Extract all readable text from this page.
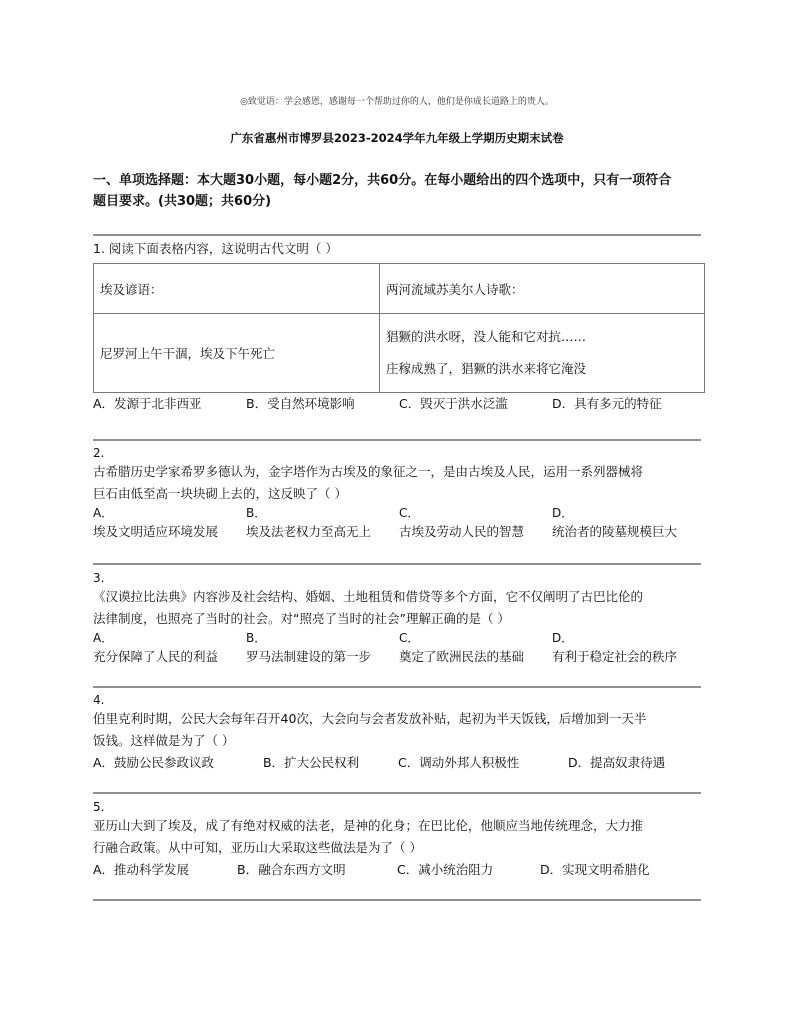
◎致觉语：学会感恩，感谢每一个帮助过你的人，他们是你成长道路上的贵人。
广东省惠州市博罗县2023-2024学年九年级上学期历史期末试卷
一、单项选择题：本大题30小题，每小题2分，共60分。在每小题给出的四个选项中，只有一项符合
题目要求。(共30题；共60分)
1. 阅读下面表格内容，这说明古代文明（ ）
埃及谚语：	两河流域苏美尔人诗歌：
尼罗河上午干涸，埃及下午死亡	猖獗的洪水呀，没人能和它对抗……
庄稼成熟了，猖獗的洪水来将它淹没
A．发源于北非西亚	B．受自然环境影响	C．毁灭于洪水泛滥	D．具有多元的特征
2.
古希腊历史学家希罗多德认为，金字塔作为古埃及的象征之一，是由古埃及人民，运用一系列器械将
巨石由低至高一块块砌上去的，这反映了（ ）
A．
埃及文明适应环境发展
B．
埃及法老权力至高无上
C．
古埃及劳动人民的智慧
D．
统治者的陵墓规模巨大
3.
《汉谟拉比法典》内容涉及社会结构、婚姻、土地租赁和借贷等多个方面，它不仅阐明了古巴比伦的
法律制度，也照亮了当时的社会。对“照亮了当时的社会”理解正确的是（ ）
A．
充分保障了人民的利益
B．
罗马法制建设的第一步
C．
奠定了欧洲民法的基础
D．
有利于稳定社会的秩序
4.
伯里克利时期，公民大会每年召开40次，大会向与会者发放补贴，起初为半天饭钱，后增加到一天半
饭钱。这样做是为了（ ）
A．鼓励公民参政议政	B．扩大公民权利	C．调动外邦人积极性	D．提高奴隶待遇
5.
亚历山大到了埃及，成了有绝对权威的法老，是神的化身；在巴比伦，他顺应当地传统理念，大力推
行融合政策。从中可知，亚历山大采取这些做法是为了（ ）
A．推动科学发展	B．融合东西方文明	C．减小统治阻力	D．实现文明希腊化
